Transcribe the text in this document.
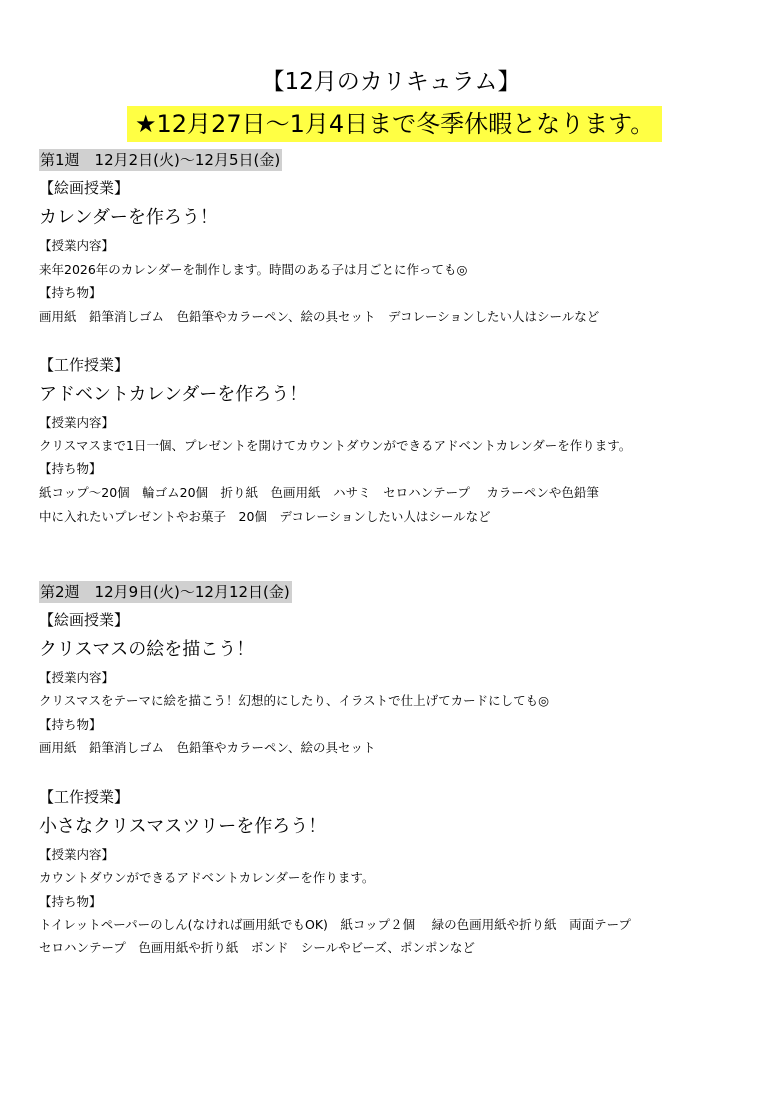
【12月のカリキュラム】
★12月27日〜1月4日まで冬季休暇となります。
第1週　12月2日(火)〜12月5日(金)
【絵画授業】
カレンダーを作ろう！
【授業内容】
来年2026年のカレンダーを制作します。時間のある子は月ごとに作っても◎
【持ち物】
画用紙　鉛筆消しゴム　色鉛筆やカラーペン、絵の具セット　デコレーションしたい人はシールなど
【工作授業】
アドベントカレンダーを作ろう！
【授業内容】
クリスマスまで1日一個、プレゼントを開けてカウントダウンができるアドベントカレンダーを作ります。
【持ち物】
紙コップ〜20個　輪ゴム20個　折り紙　色画用紙　ハサミ　セロハンテープ　 カラーペンや色鉛筆
中に入れたいプレゼントやお菓子　20個　デコレーションしたい人はシールなど
第2週　12月9日(火)〜12月12日(金)
【絵画授業】
クリスマスの絵を描こう！
【授業内容】
クリスマスをテーマに絵を描こう！幻想的にしたり、イラストで仕上げてカードにしても◎
【持ち物】
画用紙　鉛筆消しゴム　色鉛筆やカラーペン、絵の具セット
【工作授業】
小さなクリスマスツリーを作ろう！
【授業内容】
カウントダウンができるアドベントカレンダーを作ります。
【持ち物】
トイレットペーパーのしん(なければ画用紙でもOK)　紙コップ２個　 緑の色画用紙や折り紙　両面テープ
セロハンテープ　色画用紙や折り紙　ボンド　シールやビーズ、ポンポンなど
